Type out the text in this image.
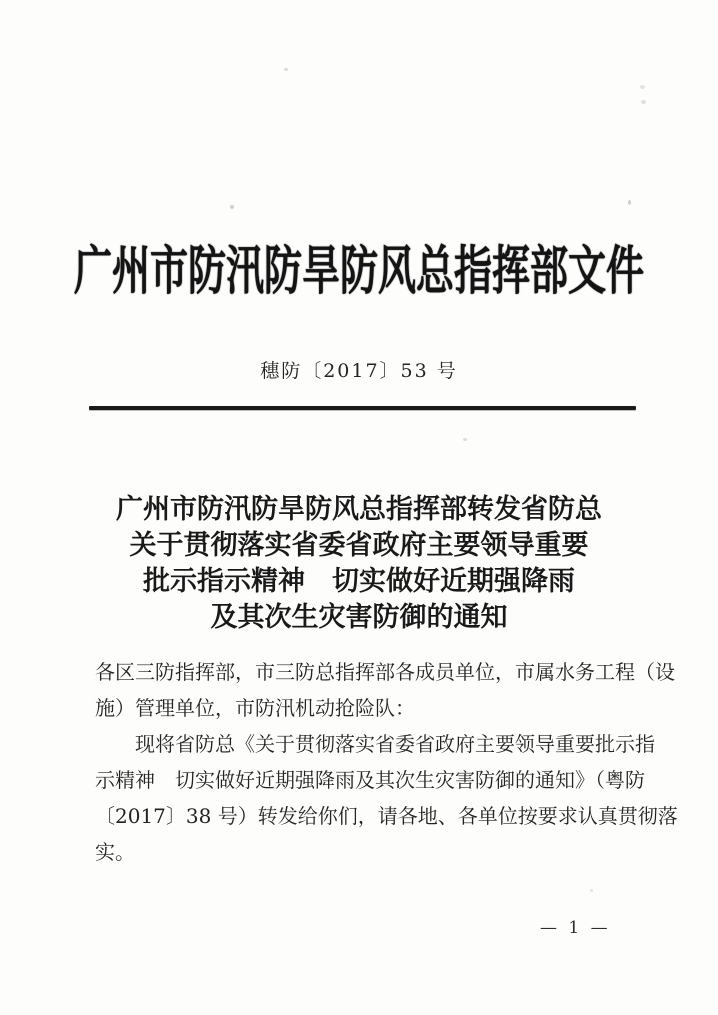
广州市防汛防旱防风总指挥部文件
穗防〔2017〕53 号
广州市防汛防旱防风总指挥部转发省防总
关于贯彻落实省委省政府主要领导重要
批示指示精神　切实做好近期强降雨
及其次生灾害防御的通知

各区三防指挥部，市三防总指挥部各成员单位，市属水务工程（设
施）管理单位，市防汛机动抢险队：

现将省防总《关于贯彻落实省委省政府主要领导重要批示指
示精神　切实做好近期强降雨及其次生灾害防御的通知》（粤防
〔2017〕38 号）转发给你们，请各地、各单位按要求认真贯彻落
实。

— 1 —
